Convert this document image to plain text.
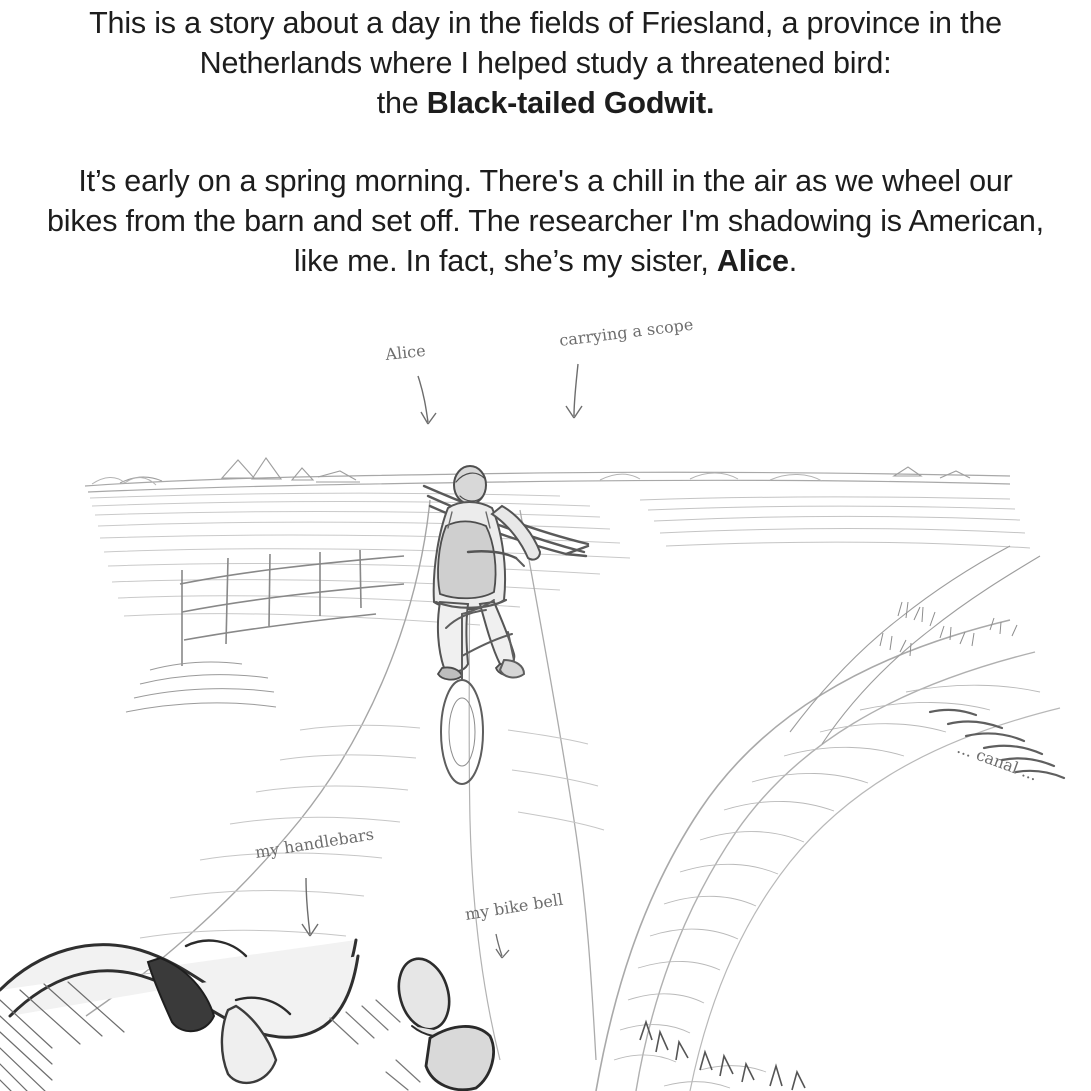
This is a story about a day in the fields of Friesland, a province in the Netherlands where I helped study a threatened bird:
the Black-tailed Godwit.

It’s early on a spring morning. There's a chill in the air as we wheel our bikes from the barn and set off. The researcher I'm shadowing is American, like me. In fact, she’s my sister, Alice.

Alice
carrying a scope
... canal ...
my handlebars
my bike bell
